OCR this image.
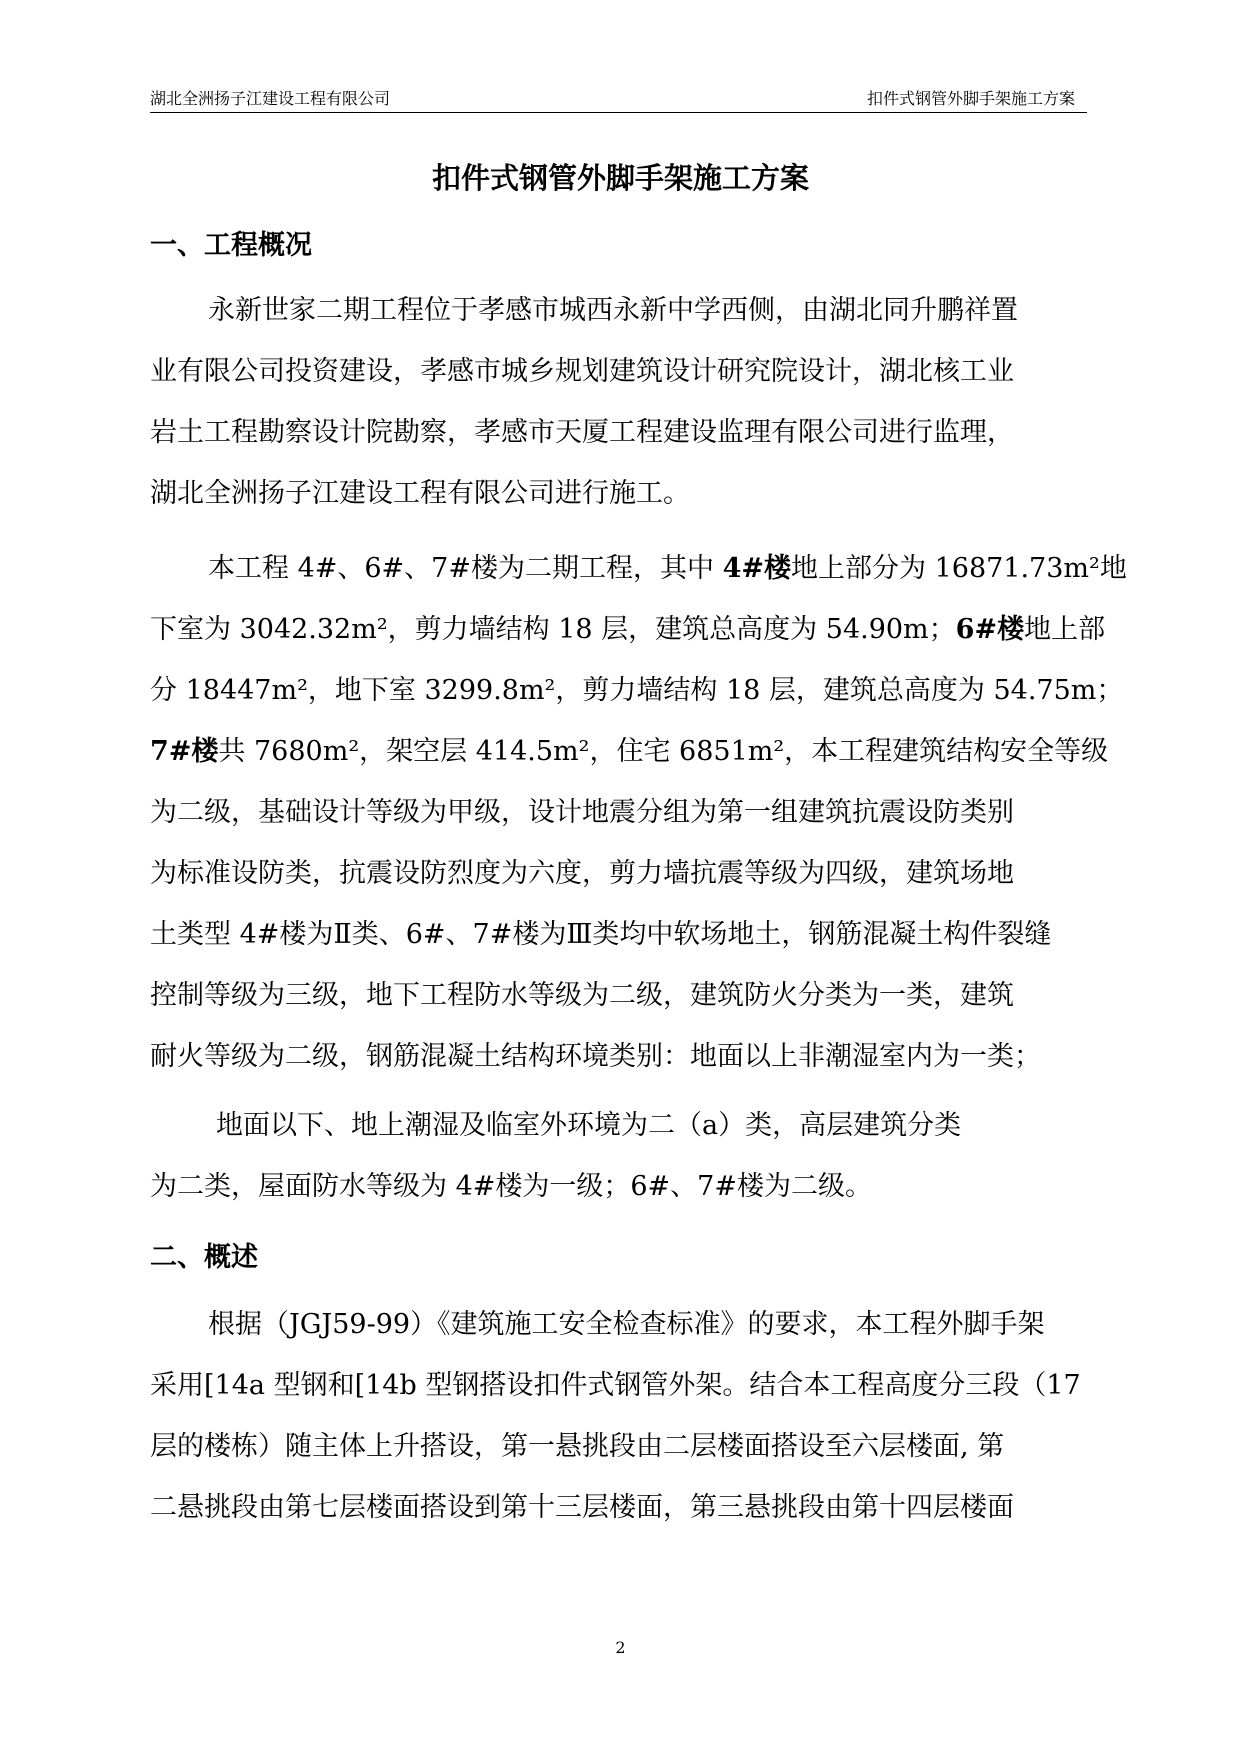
湖北全洲扬子江建设工程有限公司	扣件式钢管外脚手架施工方案
扣件式钢管外脚手架施工方案
一、工程概况
永新世家二期工程位于孝感市城西永新中学西侧，由湖北同升鹏祥置
业有限公司投资建设，孝感市城乡规划建筑设计研究院设计，湖北核工业
岩土工程勘察设计院勘察，孝感市天厦工程建设监理有限公司进行监理，
湖北全洲扬子江建设工程有限公司进行施工。
本工程 4#、6#、7#楼为二期工程，其中 4#楼地上部分为 16871.73m²地
下室为 3042.32m²，剪力墙结构 18 层，建筑总高度为 54.90m；6#楼地上部
分 18447m²，地下室 3299.8m²，剪力墙结构 18 层，建筑总高度为 54.75m；
7#楼共 7680m²，架空层 414.5m²，住宅 6851m²，本工程建筑结构安全等级
为二级，基础设计等级为甲级，设计地震分组为第一组建筑抗震设防类别
为标准设防类，抗震设防烈度为六度，剪力墙抗震等级为四级，建筑场地
土类型 4#楼为Ⅱ类、6#、7#楼为Ⅲ类均中软场地土，钢筋混凝土构件裂缝
控制等级为三级，地下工程防水等级为二级，建筑防火分类为一类，建筑
耐火等级为二级，钢筋混凝土结构环境类别：地面以上非潮湿室内为一类；
地面以下、地上潮湿及临室外环境为二（a）类，高层建筑分类
为二类，屋面防水等级为 4#楼为一级；6#、7#楼为二级。
二、概述
根据（JGJ59-99）《建筑施工安全检查标准》的要求，本工程外脚手架
采用[14a 型钢和[14b 型钢搭设扣件式钢管外架。结合本工程高度分三段（17
层的楼栋）随主体上升搭设，第一悬挑段由二层楼面搭设至六层楼面, 第
二悬挑段由第七层楼面搭设到第十三层楼面，第三悬挑段由第十四层楼面
2
